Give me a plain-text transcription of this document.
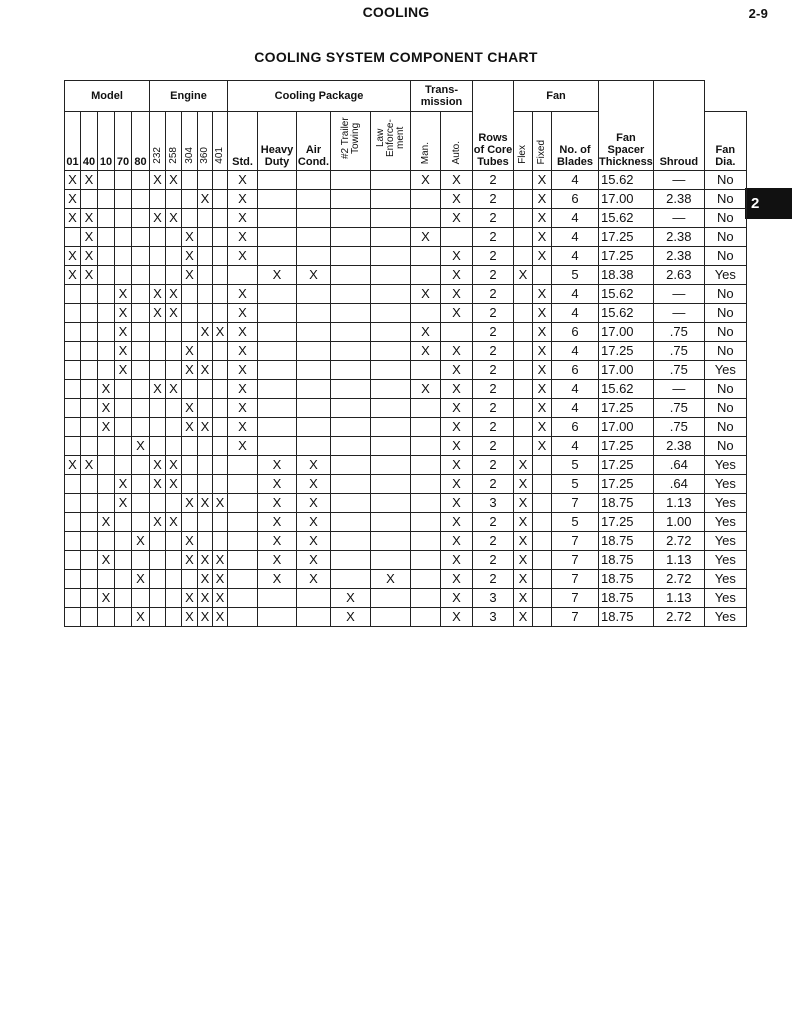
COOLING	2-9
COOLING SYSTEM COMPONENT CHART
2
Model					Engine					Cooling Package					Trans-mission		Rows of Core Tubes	Fan			Fan Spacer Thickness	Shroud	
01	40	10	70	80	232	258	304	360	401	Std.	Heavy Duty	Air Cond.	#2 Trailer Towing	Law Enforce-ment	Man.	Auto.		Flex	Fixed	No. of Blades			Fan Dia.
X	X				X	X				X					X	X	2		X	4	15.62	—	No
X								X		X						X	2		X	6	17.00	2.38	No
X	X				X	X				X						X	2		X	4	15.62	—	No
	X						X			X					X		2		X	4	17.25	2.38	No
X	X						X			X						X	2		X	4	17.25	2.38	No
X	X						X				X	X				X	2	X		5	18.38	2.63	Yes
			X		X	X				X					X	X	2		X	4	15.62	—	No
			X		X	X				X						X	2		X	4	15.62	—	No
			X					X	X	X					X		2		X	6	17.00	.75	No
			X				X			X					X	X	2		X	4	17.25	.75	No
			X				X	X		X						X	2		X	6	17.00	.75	Yes
		X			X	X				X					X	X	2		X	4	15.62	—	No
		X					X			X						X	2		X	4	17.25	.75	No
		X					X	X		X						X	2		X	6	17.00	.75	No
				X						X						X	2		X	4	17.25	2.38	No
X	X				X	X					X	X				X	2	X		5	17.25	.64	Yes
			X		X	X					X	X				X	2	X		5	17.25	.64	Yes
			X				X	X	X		X	X				X	3	X		7	18.75	1.13	Yes
		X			X	X					X	X				X	2	X		5	17.25	1.00	Yes
				X			X				X	X				X	2	X		7	18.75	2.72	Yes
		X					X	X	X		X	X				X	2	X		7	18.75	1.13	Yes
				X				X	X		X	X		X		X	2	X		7	18.75	2.72	Yes
		X					X	X	X				X			X	3	X		7	18.75	1.13	Yes
				X			X	X	X				X			X	3	X		7	18.75	2.72	Yes
